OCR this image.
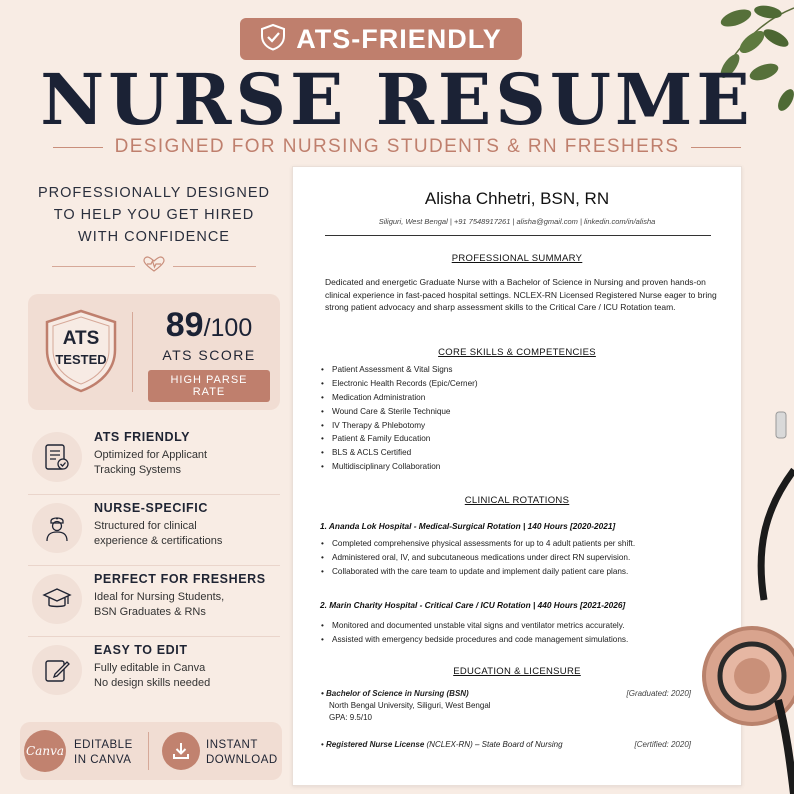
ATS-FRIENDLY
NURSE RESUME
DESIGNED FOR NURSING STUDENTS & RN FRESHERS
PROFESSIONALLY DESIGNED
TO HELP YOU GET HIRED
WITH CONFIDENCE
ATS
TESTED
89/100
ATS SCORE
HIGH PARSE RATE
ATS FRIENDLY
Optimized for Applicant
Tracking Systems
NURSE-SPECIFIC
Structured for clinical
experience & certifications
PERFECT FOR FRESHERS
Ideal for Nursing Students,
BSN Graduates & RNs
EASY TO EDIT
Fully editable in Canva
No design skills needed
Canva EDITABLE
IN CANVA
INSTANT
DOWNLOAD
Alisha Chhetri, BSN, RN
Siliguri, West Bengal | +91 7548917261 | alisha@gmail.com | linkedin.com/in/alisha
PROFESSIONAL SUMMARY
Dedicated and energetic Graduate Nurse with a Bachelor of Science in Nursing and proven hands-on clinical experience in fast-paced hospital settings. NCLEX-RN Licensed Registered Nurse eager to bring strong patient advocacy and sharp assessment skills to the Critical Care / ICU Rotation team.
CORE SKILLS & COMPETENCIES
• Patient Assessment & Vital Signs
• Electronic Health Records (Epic/Cerner)
• Medication Administration
• Wound Care & Sterile Technique
• IV Therapy & Phlebotomy
• Patient & Family Education
• BLS & ACLS Certified
• Multidisciplinary Collaboration
CLINICAL ROTATIONS
1. Ananda Lok Hospital - Medical-Surgical Rotation | 140 Hours [2020-2021]
• Completed comprehensive physical assessments for up to 4 adult patients per shift.
• Administered oral, IV, and subcutaneous medications under direct RN supervision.
• Collaborated with the care team to update and implement daily patient care plans.
2. Marin Charity Hospital - Critical Care / ICU Rotation | 440 Hours [2021-2026]
• Monitored and documented unstable vital signs and ventilator metrics accurately.
• Assisted with emergency bedside procedures and code management simulations.
EDUCATION & LICENSURE
• Bachelor of Science in Nursing (BSN)	[Graduated: 2020]
North Bengal University, Siliguri, West Bengal
GPA: 9.5/10
• Registered Nurse License (NCLEX-RN) – State Board of Nursing	[Certified: 2020]
